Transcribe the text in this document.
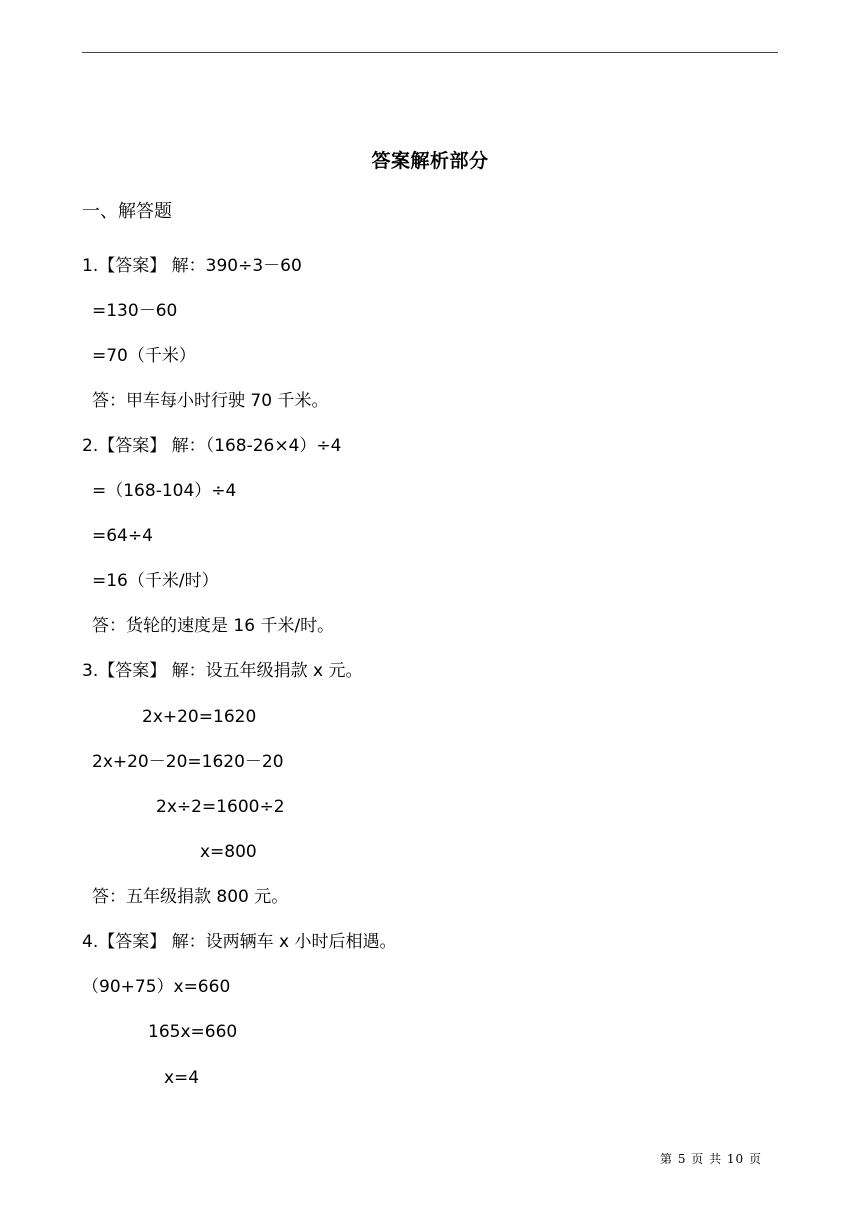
答案解析部分
一、解答题
1.【答案】 解：390÷3－60
=130－60
=70（千米）
答：甲车每小时行驶 70 千米。
2.【答案】 解：（168-26×4）÷4
=（168-104）÷4
=64÷4
=16（千米/时）
答：货轮的速度是 16 千米/时。
3.【答案】 解：设五年级捐款 x 元。
2x+20=1620
2x+20－20=1620－20
2x÷2=1600÷2
x=800
答：五年级捐款 800 元。
4.【答案】 解：设两辆车 x 小时后相遇。
（90+75）x=660
165x=660
x=4
第 5 页 共 10 页
